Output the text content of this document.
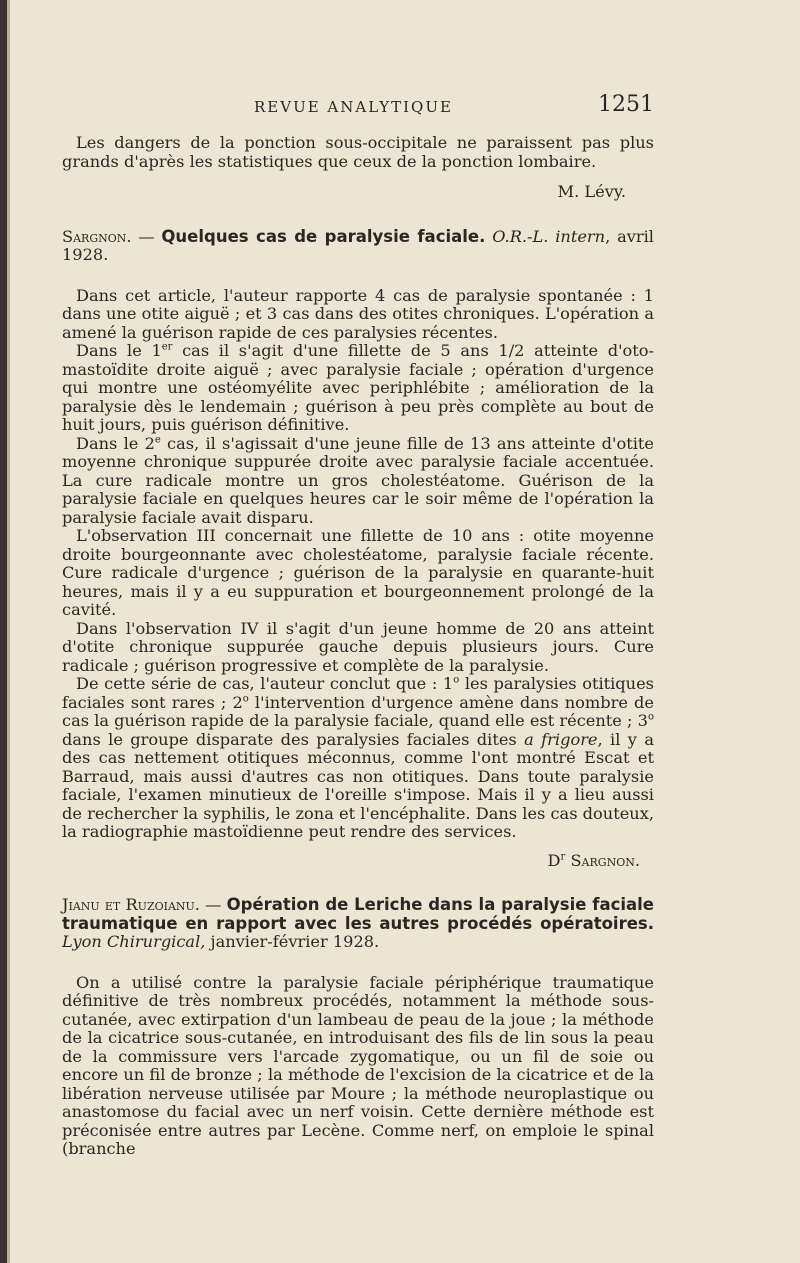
REVUE ANALYTIQUE	1251

Les dangers de la ponction sous-occipitale ne paraissent pas plus grands d'après les statistiques que ceux de la ponction lombaire.

M. Lévy.

Sargnon. — Quelques cas de paralysie faciale. O.R.-L. intern, avril 1928.

Dans cet article, l'auteur rapporte 4 cas de paralysie spontanée : 1 dans une otite aiguë ; et 3 cas dans des otites chroniques. L'opération a amené la guérison rapide de ces paralysies récentes.

Dans le 1er cas il s'agit d'une fillette de 5 ans 1/2 atteinte d'oto-mastoïdite droite aiguë ; avec paralysie faciale ; opération d'urgence qui montre une ostéomyélite avec periphlébite ; amélioration de la paralysie dès le lendemain ; guérison à peu près complète au bout de huit jours, puis guérison définitive.

Dans le 2e cas, il s'agissait d'une jeune fille de 13 ans atteinte d'otite moyenne chronique suppurée droite avec paralysie faciale accentuée. La cure radicale montre un gros cholestéatome. Guérison de la paralysie faciale en quelques heures car le soir même de l'opération la paralysie faciale avait disparu.

L'observation III concernait une fillette de 10 ans : otite moyenne droite bourgeonnante avec cholestéatome, paralysie faciale récente. Cure radicale d'urgence ; guérison de la paralysie en quarante-huit heures, mais il y a eu suppuration et bourgeonnement prolongé de la cavité.

Dans l'observation IV il s'agit d'un jeune homme de 20 ans atteint d'otite chronique suppurée gauche depuis plusieurs jours. Cure radicale ; guérison progressive et complète de la paralysie.

De cette série de cas, l'auteur conclut que : 1$^o$ les paralysies otitiques faciales sont rares ; 2$^o$ l'intervention d'urgence amène dans nombre de cas la guérison rapide de la paralysie faciale, quand elle est récente ; 3$^o$ dans le groupe disparate des paralysies faciales dites a frigore, il y a des cas nettement otitiques méconnus, comme l'ont montré Escat et Barraud, mais aussi d'autres cas non otitiques. Dans toute paralysie faciale, l'examen minutieux de l'oreille s'impose. Mais il y a lieu aussi de rechercher la syphilis, le zona et l'encéphalite. Dans les cas douteux, la radiographie mastoïdienne peut rendre des services.

$D^r$ Sargnon.

Jianu et Ruzoianu. — Opération de Leriche dans la paralysie faciale traumatique en rapport avec les autres procédés opératoires. Lyon Chirurgical, janvier-février 1928.

On a utilisé contre la paralysie faciale périphérique traumatique définitive de très nombreux procédés, notamment la méthode sous-cutanée, avec extirpation d'un lambeau de peau de la joue ; la méthode de la cicatrice sous-cutanée, en introduisant des fils de lin sous la peau de la commissure vers l'arcade zygomatique, ou un fil de soie ou encore un fil de bronze ; la méthode de l'excision de la cicatrice et de la libération nerveuse utilisée par Moure ; la méthode neuroplastique ou anastomose du facial avec un nerf voisin. Cette dernière méthode est préconisée entre autres par Lecène. Comme nerf, on emploie le spinal (branche
